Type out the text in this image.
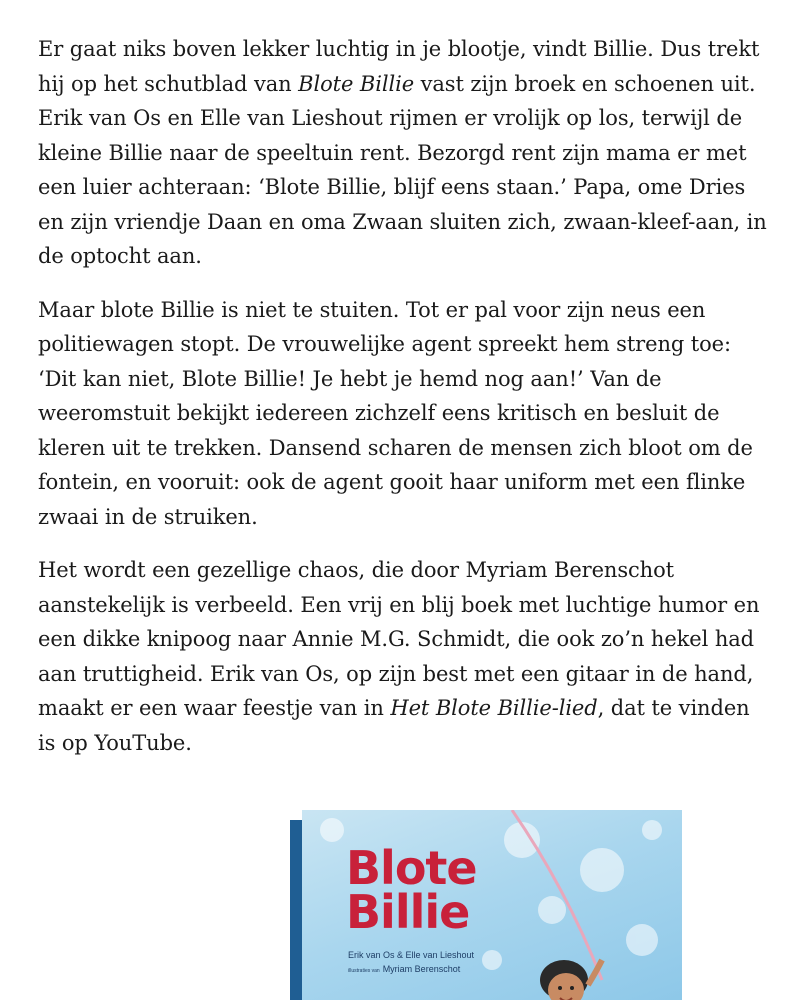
Er gaat niks boven lekker luchtig in je blootje, vindt Billie. Dus trekt hij op het schutblad van Blote Billie vast zijn broek en schoenen uit. Erik van Os en Elle van Lieshout rijmen er vrolijk op los, terwijl de kleine Billie naar de speeltuin rent. Bezorgd rent zijn mama er met een luier achteraan: ‘Blote Billie, blijf eens staan.’ Papa, ome Dries en zijn vriendje Daan en oma Zwaan sluiten zich, zwaan-kleef-aan, in de optocht aan.

Maar blote Billie is niet te stuiten. Tot er pal voor zijn neus een politiewagen stopt. De vrouwelijke agent spreekt hem streng toe: ‘Dit kan niet, Blote Billie! Je hebt je hemd nog aan!’ Van de weeromstuit bekijkt iedereen zichzelf eens kritisch en besluit de kleren uit te trekken. Dansend scharen de mensen zich bloot om de fontein, en vooruit: ook de agent gooit haar uniform met een flinke zwaai in de struiken.

Het wordt een gezellige chaos, die door Myriam Berenschot aanstekelijk is verbeeld. Een vrij en blij boek met luchtige humor en een dikke knipoog naar Annie M.G. Schmidt, die ook zo’n hekel had aan truttigheid. Erik van Os, op zijn best met een gitaar in de hand, maakt er een waar feestje van in Het Blote Billie-lied, dat te vinden is op YouTube.

Blote
Billie
Erik van Os & Elle van Lieshout
illustraties van Myriam Berenschot
